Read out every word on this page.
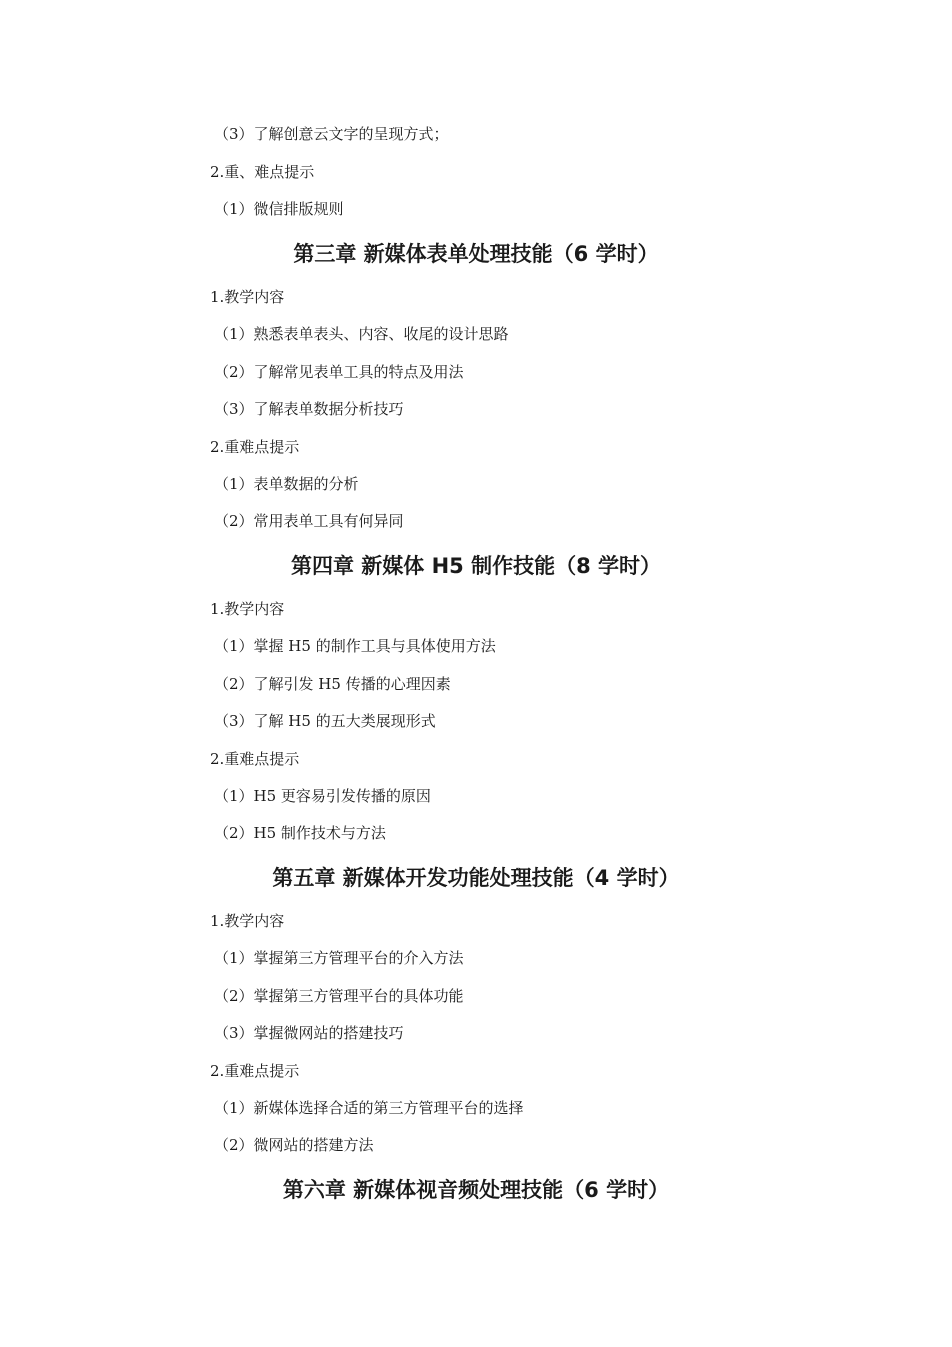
（3）了解创意云文字的呈现方式；
2.重、难点提示
（1）微信排版规则
第三章 新媒体表单处理技能（6 学时）
1.教学内容
（1）熟悉表单表头、内容、收尾的设计思路
（2）了解常见表单工具的特点及用法
（3）了解表单数据分析技巧
2.重难点提示
（1）表单数据的分析
（2）常用表单工具有何异同
第四章 新媒体 H5 制作技能（8 学时）
1.教学内容
（1）掌握 H5 的制作工具与具体使用方法
（2）了解引发 H5 传播的心理因素
（3）了解 H5 的五大类展现形式
2.重难点提示
（1）H5 更容易引发传播的原因
（2）H5 制作技术与方法
第五章 新媒体开发功能处理技能（4 学时）
1.教学内容
（1）掌握第三方管理平台的介入方法
（2）掌握第三方管理平台的具体功能
（3）掌握微网站的搭建技巧
2.重难点提示
（1）新媒体选择合适的第三方管理平台的选择
（2）微网站的搭建方法
第六章 新媒体视音频处理技能（6 学时）
